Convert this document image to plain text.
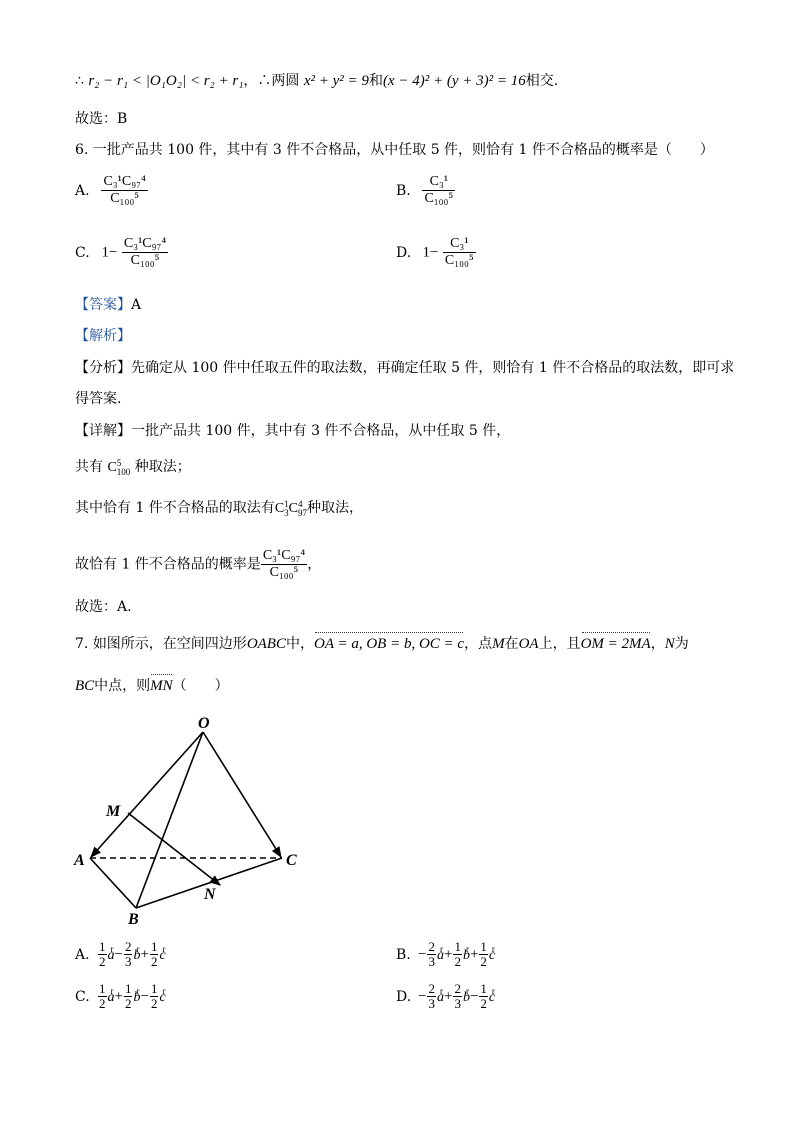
∴ r₂ − r₁ < |O₁O₂| < r₂ + r₁，∴两圆 x² + y² = 9和(x − 4)² + (y + 3)² = 16相交.
故选：B
6. 一批产品共 100 件，其中有 3 件不合格品，从中任取 5 件，则恰有 1 件不合格品的概率是（　　）
A. $\frac{\text{C₃¹C₉₇⁴}}{\text{C₁₀₀⁵}}$	B. $\frac{\text{C₃¹}}{\text{C₁₀₀⁵}}$
C. $1- \frac{\text{C₃¹C₉₇⁴}}{\text{C₁₀₀⁵}}$	D. $1- \frac{\text{C₃¹}}{\text{C₁₀₀⁵}}$
【答案】A
【解析】
【分析】先确定从 100 件中任取五件的取法数，再确定任取 5 件，则恰有 1 件不合格品的取法数，即可求
得答案.
【详解】一批产品共 100 件，其中有 3 件不合格品，从中任取 5 件，
共有 C 5
100 种取法；
其中恰有 1 件不合格品的取法有C 1
3 C 4
97 种取法，
故恰有 1 件不合格品的概率是 $\frac{\text{C₃¹C₉₇⁴}}{\text{C₁₀₀⁵}}$ ，
故选：A.
7. 如图所示，在空间四边形OABC中，OA = a, OB = b, OC = c，点M在OA上，且OM = 2MA，N为
BC中点，则MN（　　）
O
M
A
B
C
N
A. $\frac{1}{2}$ r $a- \frac{2}{3}$ r $b+ \frac{1}{2}$ r c	B. − $\frac{2}{3}$ r $a+ \frac{1}{2}$ r $b+ \frac{1}{2}$ r c
C. $\frac{1}{2}$ r $a+ \frac{1}{2}$ r $b- \frac{1}{2}$ r c	D. − $\frac{2}{3}$ r $a+ \frac{2}{3}$ r $b- \frac{1}{2}$ r c
